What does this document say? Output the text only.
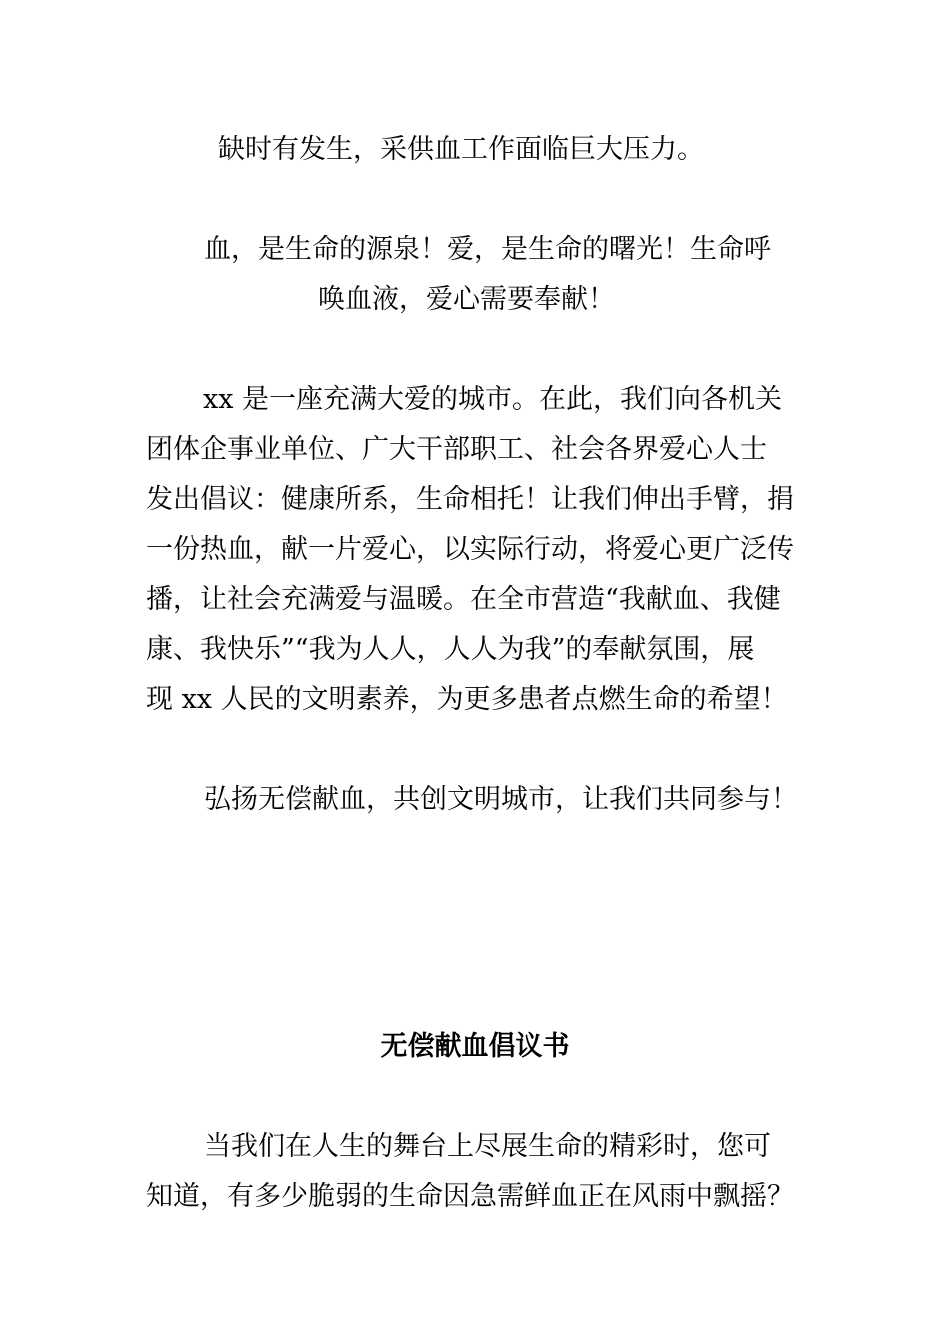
缺时有发生，采供血工作面临巨大压力。

血，是生命的源泉！爱，是生命的曙光！生命呼

唤血液，爱心需要奉献！

xx 是一座充满大爱的城市。在此，我们向各机关

团体企事业单位、广大干部职工、社会各界爱心人士

发出倡议：健康所系，生命相托！让我们伸出手臂，捐

一份热血，献一片爱心，以实际行动，将爱心更广泛传

播，让社会充满爱与温暖。在全市营造“我献血、我健

康、我快乐”“我为人人，人人为我”的奉献氛围，展

现 xx 人民的文明素养，为更多患者点燃生命的希望！

弘扬无偿献血，共创文明城市，让我们共同参与！

无偿献血倡议书

当我们在人生的舞台上尽展生命的精彩时，您可

知道，有多少脆弱的生命因急需鲜血正在风雨中飘摇？
